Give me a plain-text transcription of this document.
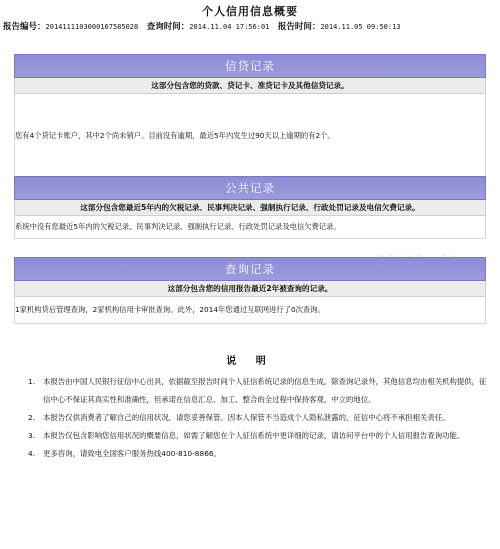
个人信用信息概要
报告编号：2014111103000167585028 查询时间：2014.11.04 17:56:01 报告时间：2014.11.05 09:50:13
信贷记录
这部分包含您的贷款、贷记卡、准贷记卡及其他信贷记录。
您有4个贷记卡账户，其中2个尚未销户。目前没有逾期，最近5年内发生过90天以上逾期的有2个。
公共记录
这部分包含您最近5年内的欠税记录、民事判决记录、强制执行记录、行政处罚记录及电信欠费记录。
系统中没有您最近5年内的欠税记录、民事判决记录、强制执行记录、行政处罚记录及电信欠费记录。
查询记录
这部分包含您的信用报告最近2年被查询的记录。
1家机构贷后管理查询，2家机构信用卡审批查询。此外，2014年您通过互联网进行了0次查询。
说 明
1. 本报告由中国人民银行征信中心出具，依据截至报告时间个人征信系统记录的信息生成。除查询记录外，其他信息均由相关机构提供，征信中心不保证其真实性和准确性，但承诺在信息汇总、加工、整合的全过程中保持客观、中立的地位。
2. 本报告仅供消费者了解自己的信用状况，请您妥善保管。因本人保管不当造成个人隐私泄露的，征信中心将不承担相关责任。
3. 本报告仅包含影响您信用状况的概要信息，如需了解您在个人征信系统中更详细的记录，请访问平台中的个人信用报告查询功能。
4. 更多咨询，请致电全国客户服务热线400-810-8866。
